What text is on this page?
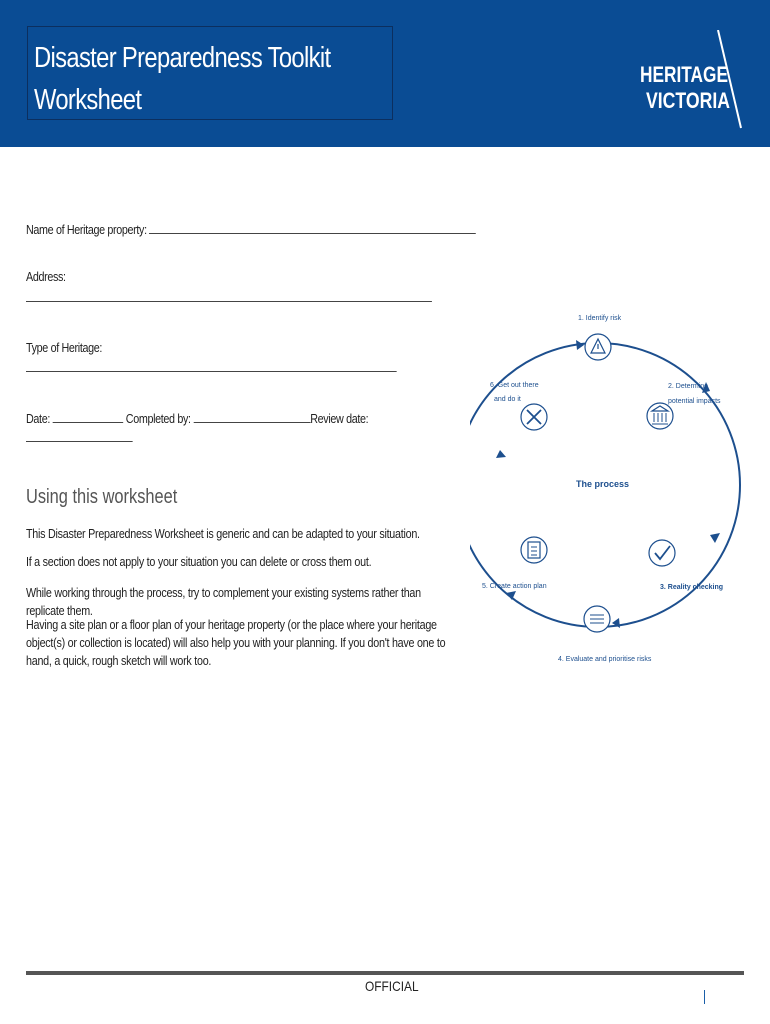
Disaster Preparedness Toolkit
Worksheet
HERITAGE
VICTORIA
Name of Heritage property:
Address:
Type of Heritage:
Date:	Completed by:	Review date:
Using this worksheet
This Disaster Preparedness Worksheet is generic and can be adapted to your situation.
If a section does not apply to your situation you can delete or cross them out.
While working through the process, try to complement your existing systems rather than replicate them.
Having a site plan or a floor plan of your heritage property (or the place where your heritage object(s) or collection is located) will also help you with your planning. If you don't have one to hand, a quick, rough sketch will work too.
1. Identify risk
2. Determine
potential impacts
3. Reality checking
4. Evaluate and prioritise risks
5. Create action plan
6. Get out there
and do it
The process
OFFICIAL
